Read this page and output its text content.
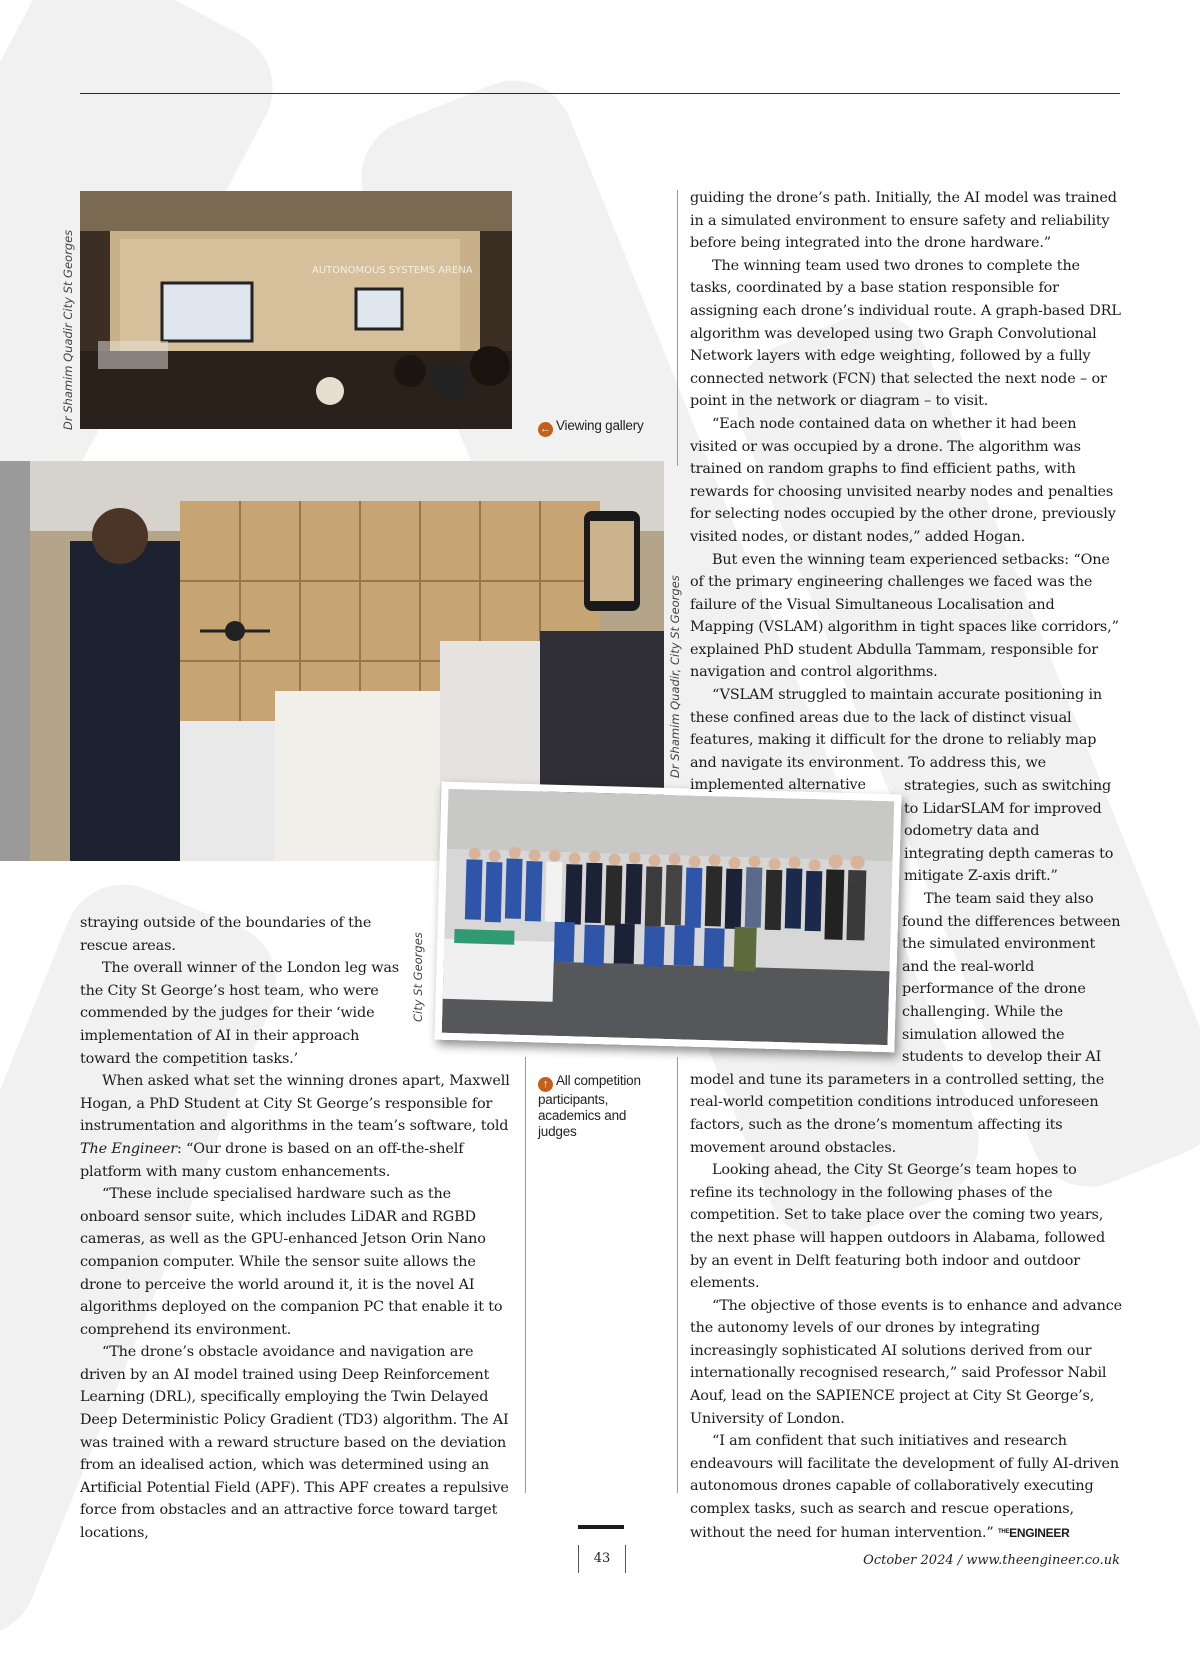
AUTONOMOUS SYSTEMS ARENA
Dr Shamim Quadir City St Georges	← Viewing gallery
Dr Shamim Quadir, City St Georges
City St Georges
↑ All competition participants, academics and judges

straying outside of the boundaries of the rescue areas.

The overall winner of the London leg was the City St George’s host team, who were commended by the judges for their ‘wide implementation of AI in their approach toward the competition tasks.’

When asked what set the winning drones apart, Maxwell Hogan, a PhD Student at City St George’s responsible for instrumentation and algorithms in the team’s software, told The Engineer: “Our drone is based on an off-the-shelf platform with many custom enhancements.

“These include specialised hardware such as the onboard sensor suite, which includes LiDAR and RGBD cameras, as well as the GPU-enhanced Jetson Orin Nano companion computer. While the sensor suite allows the drone to perceive the world around it, it is the novel AI algorithms deployed on the companion PC that enable it to comprehend its environment.

“The drone’s obstacle avoidance and navigation are driven by an AI model trained using Deep Reinforcement Learning (DRL), specifically employing the Twin Delayed Deep Deterministic Policy Gradient (TD3) algorithm. The AI was trained with a reward structure based on the deviation from an idealised action, which was determined using an Artificial Potential Field (APF). This APF creates a repulsive force from obstacles and an attractive force toward target locations,

guiding the drone’s path. Initially, the AI model was trained in a simulated environment to ensure safety and reliability before being integrated into the drone hardware.”

The winning team used two drones to complete the tasks, coordinated by a base station responsible for assigning each drone’s individual route. A graph-based DRL algorithm was developed using two Graph Convolutional Network layers with edge weighting, followed by a fully connected network (FCN) that selected the next node – or point in the network or diagram – to visit.

“Each node contained data on whether it had been visited or was occupied by a drone. The algorithm was trained on random graphs to find efficient paths, with rewards for choosing unvisited nearby nodes and penalties for selecting nodes occupied by the other drone, previously visited nodes, or distant nodes,” added Hogan.

But even the winning team experienced setbacks: “One of the primary engineering challenges we faced was the failure of the Visual Simultaneous Localisation and Mapping (VSLAM) algorithm in tight spaces like corridors,” explained PhD student Abdulla Tammam, responsible for navigation and control algorithms.

“VSLAM struggled to maintain accurate positioning in these confined areas due to the lack of distinct visual features, making it difficult for the drone to reliably map and navigate its environment. To address this, we implemented alternative	strategies, such as switching to LidarSLAM for improved odometry data and integrating depth cameras to mitigate Z-axis drift.”

The team said they also found the differences between the simulated environment and the real-world performance of the drone challenging. While the simulation allowed the students to develop their AI model and tune its parameters in a controlled setting, the real-world competition conditions introduced unforeseen factors, such as the drone’s momentum affecting its movement around obstacles.

Looking ahead, the City St George’s team hopes to refine its technology in the following phases of the competition. Set to take place over the coming two years, the next phase will happen outdoors in Alabama, followed by an event in Delft featuring both indoor and outdoor elements.

“The objective of those events is to enhance and advance the autonomy levels of our drones by integrating increasingly sophisticated AI solutions derived from our internationally recognised research,” said Professor Nabil Aouf, lead on the SAPIENCE project at City St George’s, University of London.

“I am confident that such initiatives and research endeavours will facilitate the development of fully AI-driven autonomous drones capable of collaboratively executing complex tasks, such as search and rescue operations, without the need for human intervention.” $^{THE}$ENGINEER

43	October 2024 / www.theengineer.co.uk
